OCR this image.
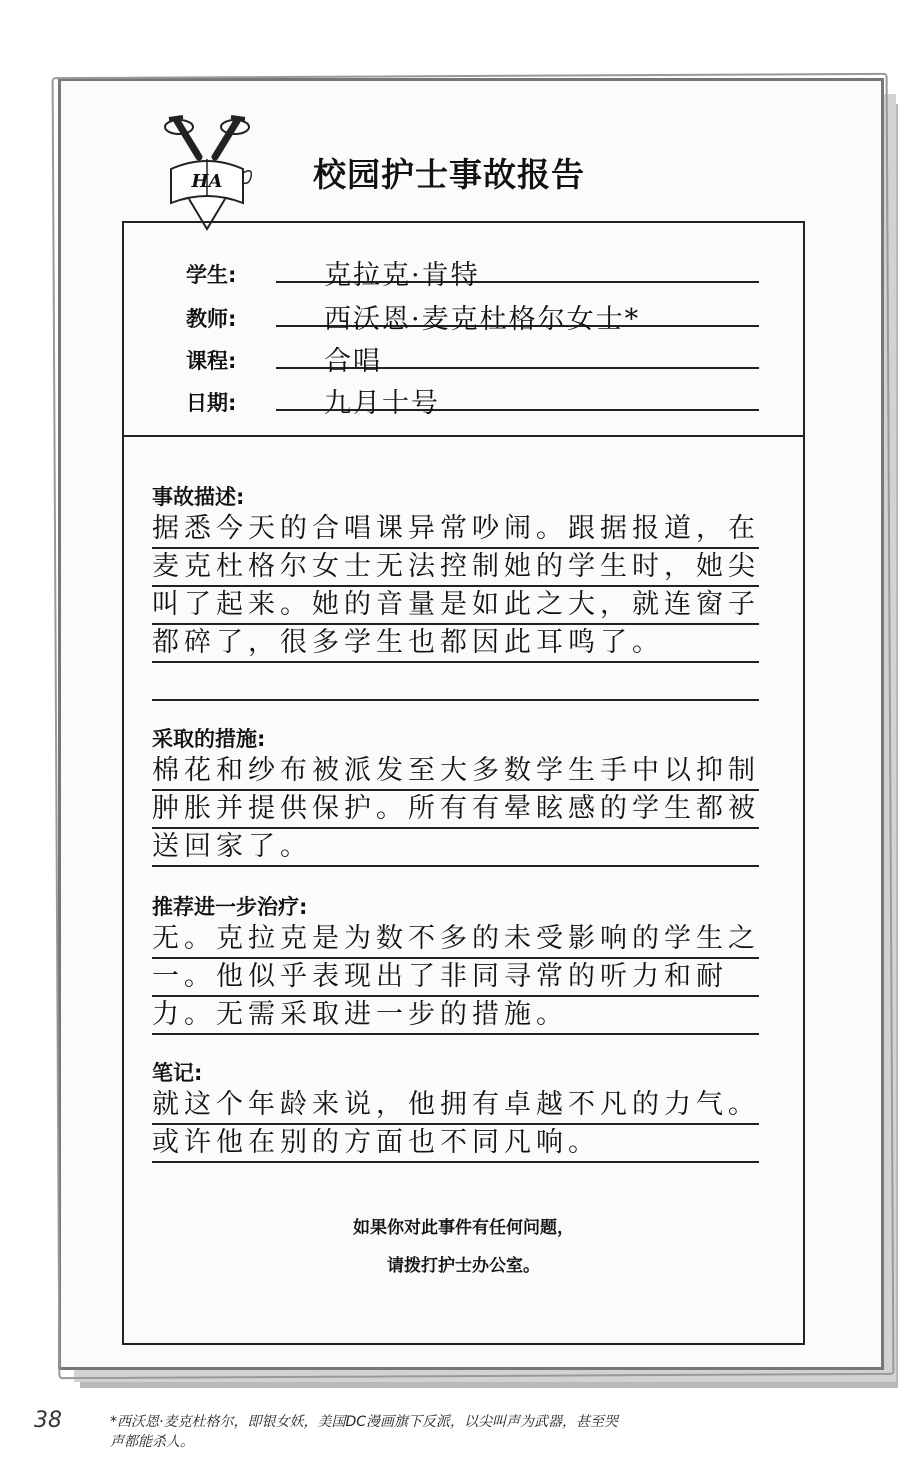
HA	校园护士事故报告
学生:	克拉克·肯特
教师:	西沃恩·麦克杜格尔女士*
课程:	合唱
日期:	九月十号
事故描述:
据悉今天的合唱课异常吵闹。跟据报道，在
麦克杜格尔女士无法控制她的学生时，她尖
叫了起来。她的音量是如此之大，就连窗子
都碎了，很多学生也都因此耳鸣了。
采取的措施:
棉花和纱布被派发至大多数学生手中以抑制
肿胀并提供保护。所有有晕眩感的学生都被
送回家了。
推荐进一步治疗:
无。克拉克是为数不多的未受影响的学生之
一。他似乎表现出了非同寻常的听力和耐
力。无需采取进一步的措施。
笔记:
就这个年龄来说，他拥有卓越不凡的力气。
或许他在别的方面也不同凡响。
如果你对此事件有任何问题，
请拨打护士办公室。
38	*西沃恩·麦克杜格尔，即银女妖，美国DC漫画旗下反派，以尖叫声为武器，甚至哭声都能杀人。
